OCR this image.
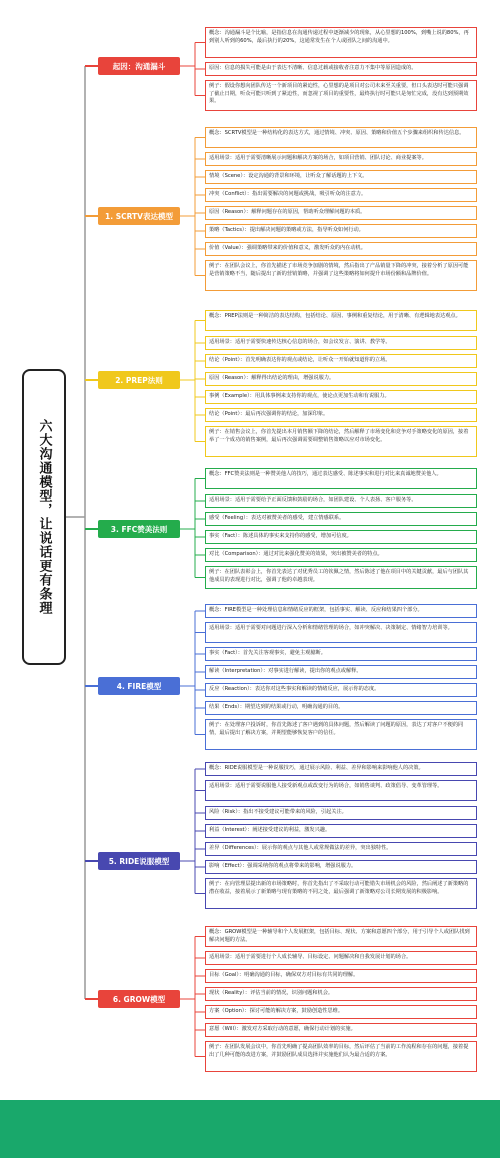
六大沟通模型，让说话更有条理
起因：沟通漏斗
概念：沟通漏斗是个比喻，是指信息在沟通传递过程中逐渐减少的现象，从心里想的100%，到嘴上说的80%，再到别人听到的60%，最后执行的20%，这通常发生在个人或团队之间的沟通中。
原因：信息的损失可能是由于表达不清晰、信息过载或接收者注意力不集中等原因造成的。
例子：假设你想向团队传达一个新项目的紧迫性，心里想的是项目对公司未来至关重要，但口头表达时可能只强调了截止日期，听众可能只听到了紧迫性，而忽视了项目的重要性，最终执行时可能只是匆忙完成，没有达到预期效果。
1. SCRTV表达模型
概念：SCRTV模型是一种结构化的表达方式，通过情境、冲突、原因、策略和价值五个步骤来组织和传达信息。
适用场景：适用于需要清晰展示问题和解决方案的场合，如项目营销、团队讨论、商业提案等。
情境（Scene）：设定沟通的背景和环境，让听众了解话题的上下文。
冲突（Conflict）：指出需要解决的问题或挑战，吸引听众的注意力。
原因（Reason）：解释问题存在的原因，帮助听众理解问题的本质。
策略（Tactics）：提出解决问题的策略或方法，指导听众如何行动。
价值（Value）：强调策略带来的价值和意义，激发听众的内在动机。
例子：在团队会议上，你首先描述了市场竞争加剧的情境，然后指出了产品销量下降的冲突，接着分析了原因可能是营销策略不当，随后提出了新的营销策略，并强调了这些策略将如何提升市场份额和品牌价值。
2. PREP法则
概念：PREP法则是一种简洁的表达结构，包括结论、原因、事例和重复结论，用于清晰、有逻辑地表达观点。
适用场景：适用于需要快速传达核心信息的场合，如会议发言、演讲、教学等。
结论（Point）：首先明确表达你的观点或结论，让听众一开始就知道你的立场。
原因（Reason）：解释得出结论的理由，增强说服力。
事例（Example）：用具体事例来支持你的观点，使论点更加生动和有说服力。
结论（Point）：最后再次强调你的结论，加深印象。
例子：在销售会议上，你首先提出本月销售额下降的结论，然后解释了市场变化和竞争对手策略变化的原因，接着举了一个成功的销售案例，最后再次强调需要调整销售策略以应对市场变化。
3. FFC赞美法则
概念：FFC赞美法则是一种赞美他人的技巧，通过表达感受、陈述事实和进行对比来真诚地赞美他人。
适用场景：适用于需要给予正面反馈和鼓励的场合，如团队建设、个人表扬、客户服务等。
感受（Feeling）：表达对被赞美者的感受，建立情感联系。
事实（Fact）：陈述具体的事实来支持你的感受，增加可信度。
对比（Comparison）：通过对比来强化赞美的效果，突出被赞美者的特点。
例子：在团队表彰会上，你首先表达了对优秀员工的钦佩之情，然后陈述了他在项目中的关键贡献，最后与团队其他成员的表现进行对比，强调了他的卓越表现。
4. FIRE模型
概念：FIRE模型是一种处理信息和情绪反应的框架，包括事实、解读、反应和结果四个部分。
适用场景：适用于需要对问题进行深入分析和情绪管理的场合，如冲突解决、决策制定、情绪智力培训等。
事实（Fact）：首先关注客观事实，避免主观臆断。
解读（Interpretation）：对事实进行解读，提出你的观点或解释。
反应（Reaction）：表达你对这些事实和解读的情绪反应，展示你的态度。
结果（Ends）：期望达到的结果或行动，明确沟通的目的。
例子：在处理客户投诉时，你首先陈述了客户遇到的具体问题，然后解读了问题的原因，表达了对客户不便的同情，最后提出了解决方案，并期望能够恢复客户的信任。
5. RIDE说服模型
概念：RIDE说服模型是一种说服技巧，通过展示风险、利益、差异和影响来影响他人的决策。
适用场景：适用于需要说服他人接受新观点或改变行为的场合，如销售谈判、政策倡导、变革管理等。
风险（Risk）：指出不接受建议可能带来的风险，引起关注。
利益（Interest）：阐述接受建议的利益，激发兴趣。
差异（Differences）：展示你的观点与其他人或常规做法的差异，突出独特性。
影响（Effect）：强调采纳你的观点将带来的影响，增强说服力。
例子：在向管理层提出新的市场策略时，你首先指出了不采取行动可能错失市场机会的风险，然后阐述了新策略的潜在收益，接着展示了新策略与现有策略的不同之处，最后强调了新策略对公司长期发展的积极影响。
6. GROW模型
概念：GROW模型是一种辅导和个人发展框架，包括目标、现状、方案和意愿四个部分，用于引导个人或团队找到解决问题的方法。
适用场景：适用于需要进行个人成长辅导、目标设定、问题解决和自我发展计划的场合。
目标（Goal）：明确沟通的目标，确保双方对目标有共同的理解。
现状（Reality）：评估当前的情况，识别问题和机会。
方案（Option）：探讨可能的解决方案，鼓励创造性思维。
意愿（Will）：激发对方采取行动的意愿，确保行动计划的实施。
例子：在团队发展会议中，你首先明确了提高团队效率的目标，然后评估了当前的工作流程和存在的问题，接着提出了几种可能的改进方案，并鼓励团队成员选择并实施他们认为最合适的方案。
